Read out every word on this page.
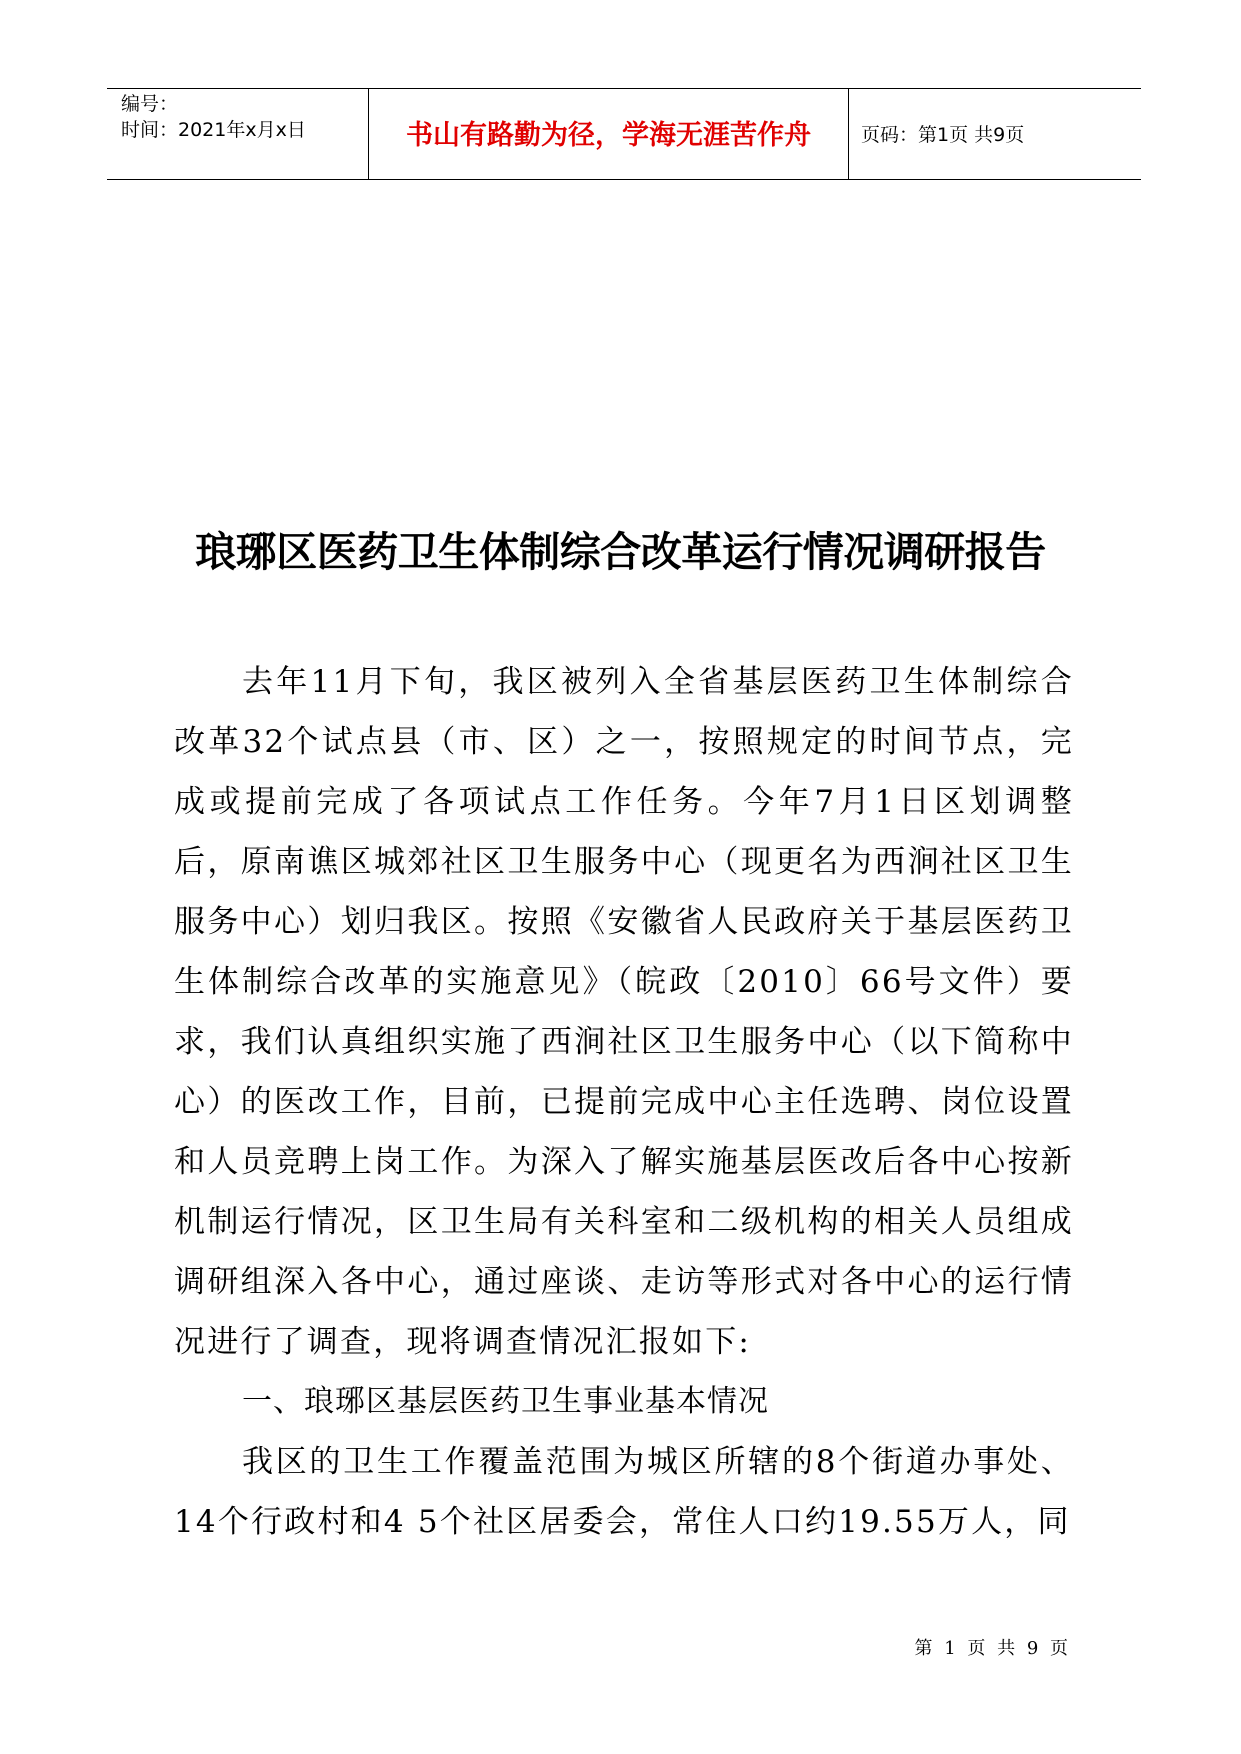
编号：
时间：2021年x月x日	书山有路勤为径，学海无涯苦作舟	页码：第1页 共9页
琅琊区医药卫生体制综合改革运行情况调研报告

去年11月下旬，我区被列入全省基层医药卫生体制综合改革32个试点县（市、区）之一，按照规定的时间节点，完成或提前完成了各项试点工作任务。今年7月1日区划调整后，原南谯区城郊社区卫生服务中心（现更名为西涧社区卫生服务中心）划归我区。按照《安徽省人民政府关于基层医药卫生体制综合改革的实施意见》（皖政〔2010〕66号文件）要求，我们认真组织实施了西涧社区卫生服务中心（以下简称中心）的医改工作，目前，已提前完成中心主任选聘、岗位设置和人员竞聘上岗工作。为深入了解实施基层医改后各中心按新机制运行情况，区卫生局有关科室和二级机构的相关人员组成调研组深入各中心，通过座谈、走访等形式对各中心的运行情况进行了调查，现将调查情况汇报如下:

一、琅琊区基层医药卫生事业基本情况

我区的卫生工作覆盖范围为城区所辖的8个街道办事处、14个行政村和4 5个社区居委会，常住人口约19.55万人，同

第 1 页 共 9 页
